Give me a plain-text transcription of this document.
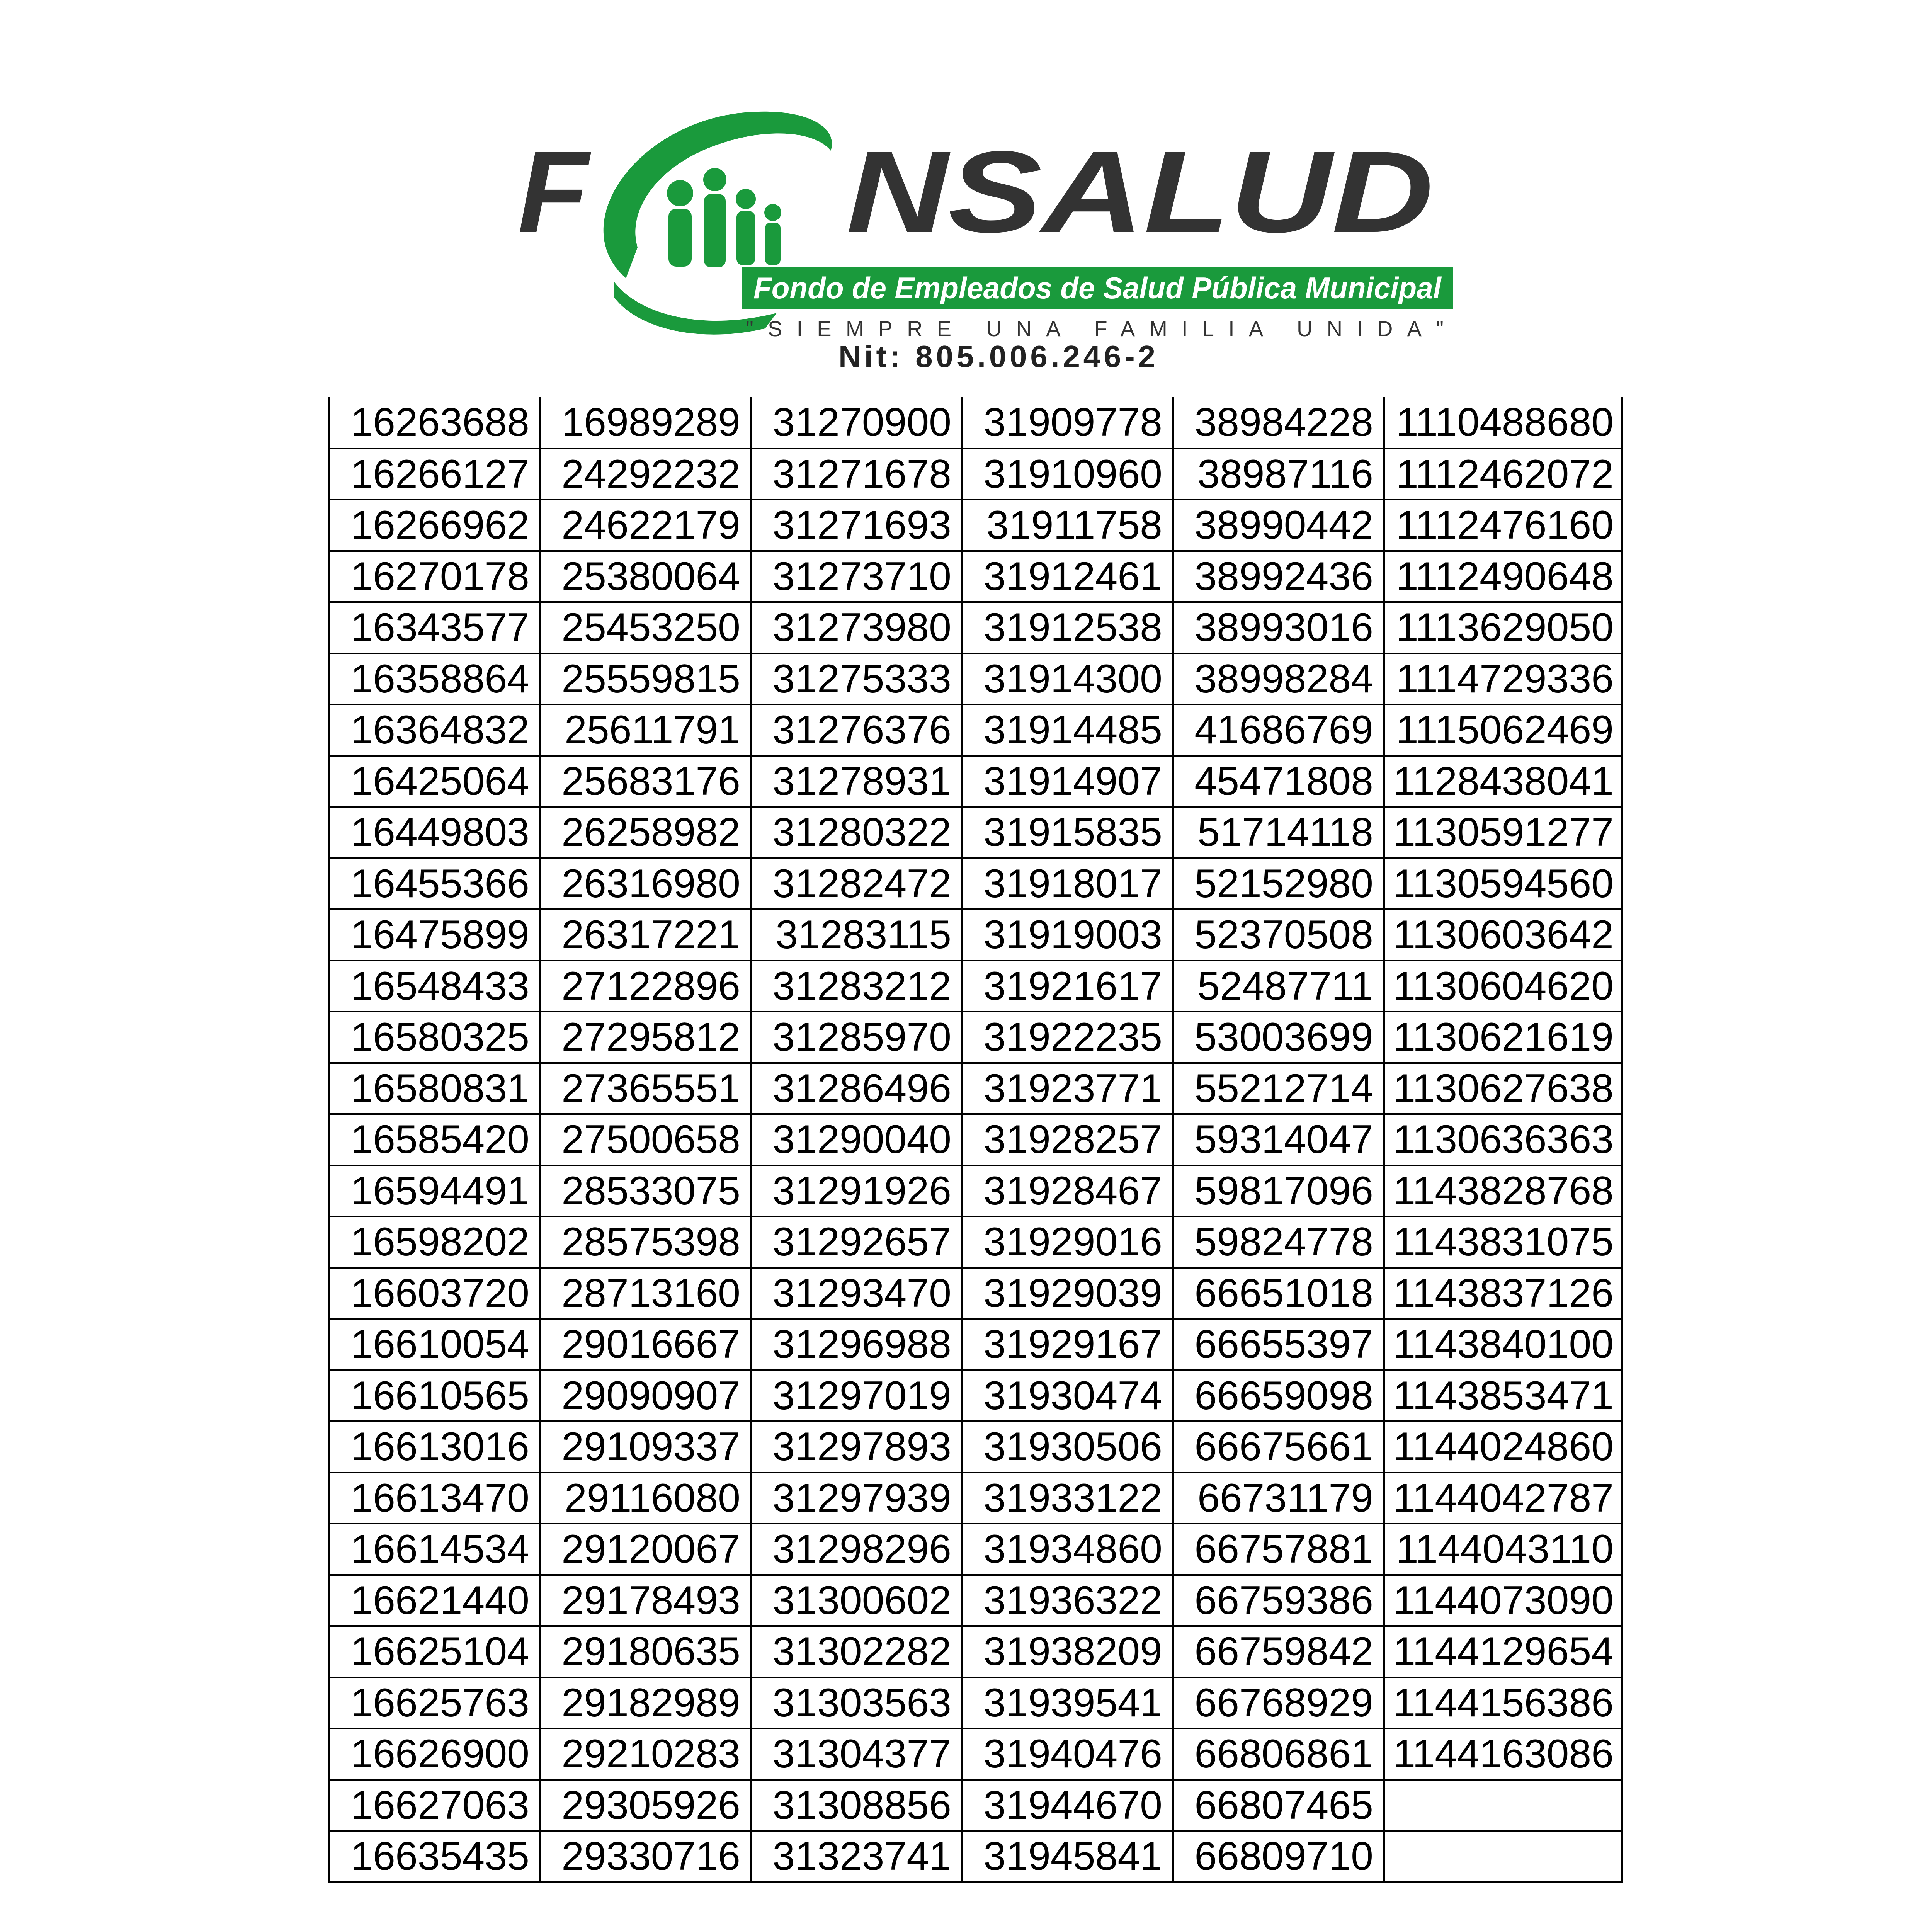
F NSALUD
Fondo de Empleados de Salud Pública Municipal
"SIEMPRE UNA FAMILIA UNIDA"
Nit: 805.006.246-2
16263688	16989289	31270900	31909778	38984228	1110488680
16266127	24292232	31271678	31910960	38987116	1112462072
16266962	24622179	31271693	31911758	38990442	1112476160
16270178	25380064	31273710	31912461	38992436	1112490648
16343577	25453250	31273980	31912538	38993016	1113629050
16358864	25559815	31275333	31914300	38998284	1114729336
16364832	25611791	31276376	31914485	41686769	1115062469
16425064	25683176	31278931	31914907	45471808	1128438041
16449803	26258982	31280322	31915835	51714118	1130591277
16455366	26316980	31282472	31918017	52152980	1130594560
16475899	26317221	31283115	31919003	52370508	1130603642
16548433	27122896	31283212	31921617	52487711	1130604620
16580325	27295812	31285970	31922235	53003699	1130621619
16580831	27365551	31286496	31923771	55212714	1130627638
16585420	27500658	31290040	31928257	59314047	1130636363
16594491	28533075	31291926	31928467	59817096	1143828768
16598202	28575398	31292657	31929016	59824778	1143831075
16603720	28713160	31293470	31929039	66651018	1143837126
16610054	29016667	31296988	31929167	66655397	1143840100
16610565	29090907	31297019	31930474	66659098	1143853471
16613016	29109337	31297893	31930506	66675661	1144024860
16613470	29116080	31297939	31933122	66731179	1144042787
16614534	29120067	31298296	31934860	66757881	1144043110
16621440	29178493	31300602	31936322	66759386	1144073090
16625104	29180635	31302282	31938209	66759842	1144129654
16625763	29182989	31303563	31939541	66768929	1144156386
16626900	29210283	31304377	31940476	66806861	1144163086
16627063	29305926	31308856	31944670	66807465	
16635435	29330716	31323741	31945841	66809710	
